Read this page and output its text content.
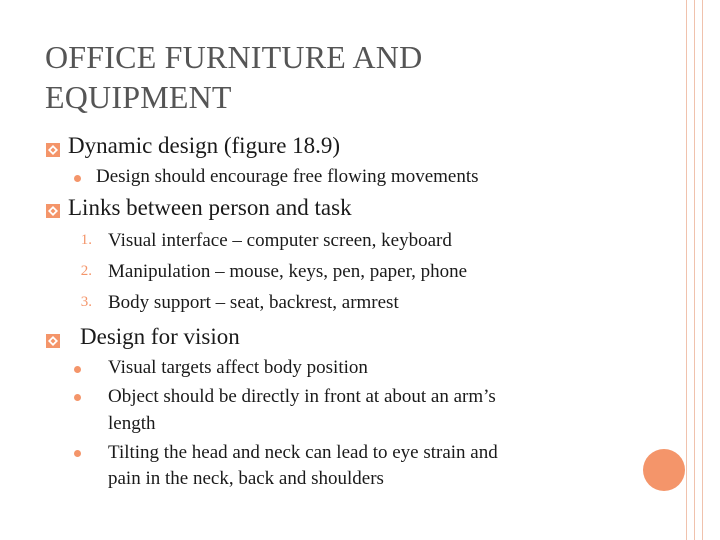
OFFICE FURNITURE AND EQUIPMENT
Dynamic design (figure 18.9)
Design should encourage free flowing movements
Links between person and task
1. Visual interface – computer screen, keyboard
2. Manipulation – mouse, keys, pen, paper, phone
3. Body support – seat, backrest, armrest
Design for vision
Visual targets affect body position
Object should be directly in front at about an arm’s
length
Tilting the head and neck can lead to eye strain and
pain in the neck, back and shoulders
